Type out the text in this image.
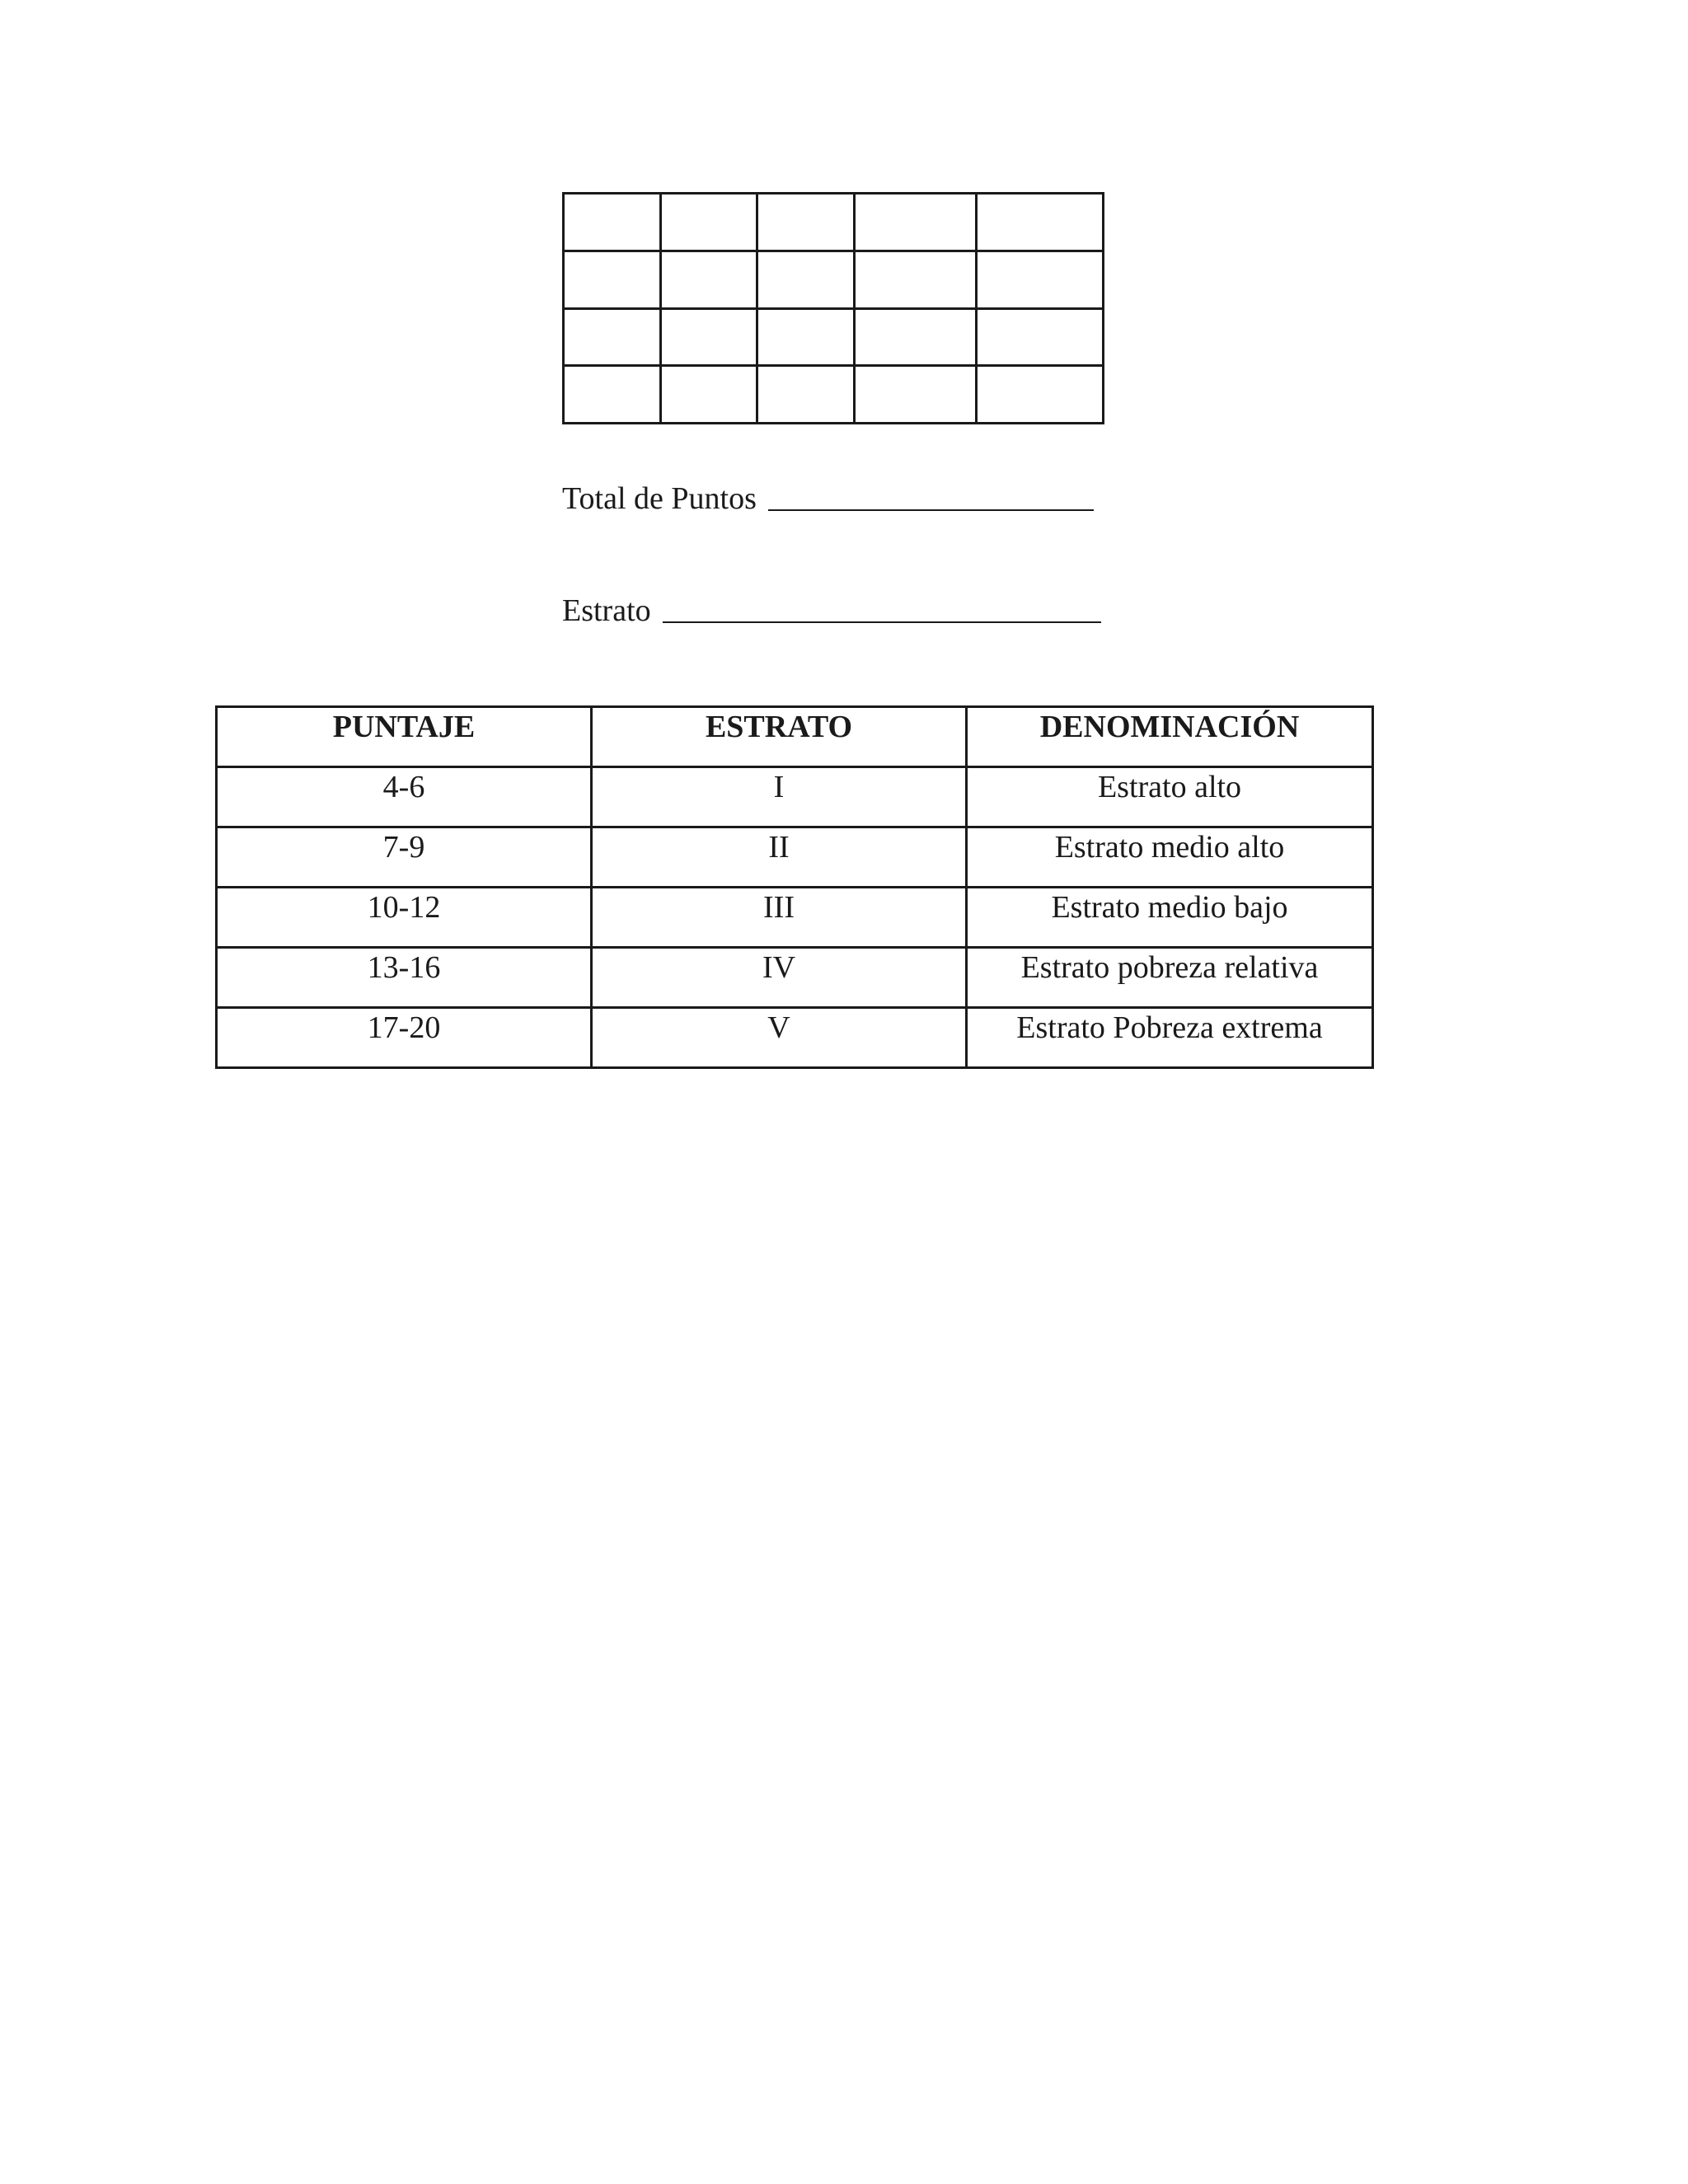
Total de Puntos
Estrato
PUNTAJE	ESTRATO	DENOMINACIÓN
4-6	I	Estrato alto
7-9	II	Estrato medio alto
10-12	III	Estrato medio bajo
13-16	IV	Estrato pobreza relativa
17-20	V	Estrato Pobreza extrema
